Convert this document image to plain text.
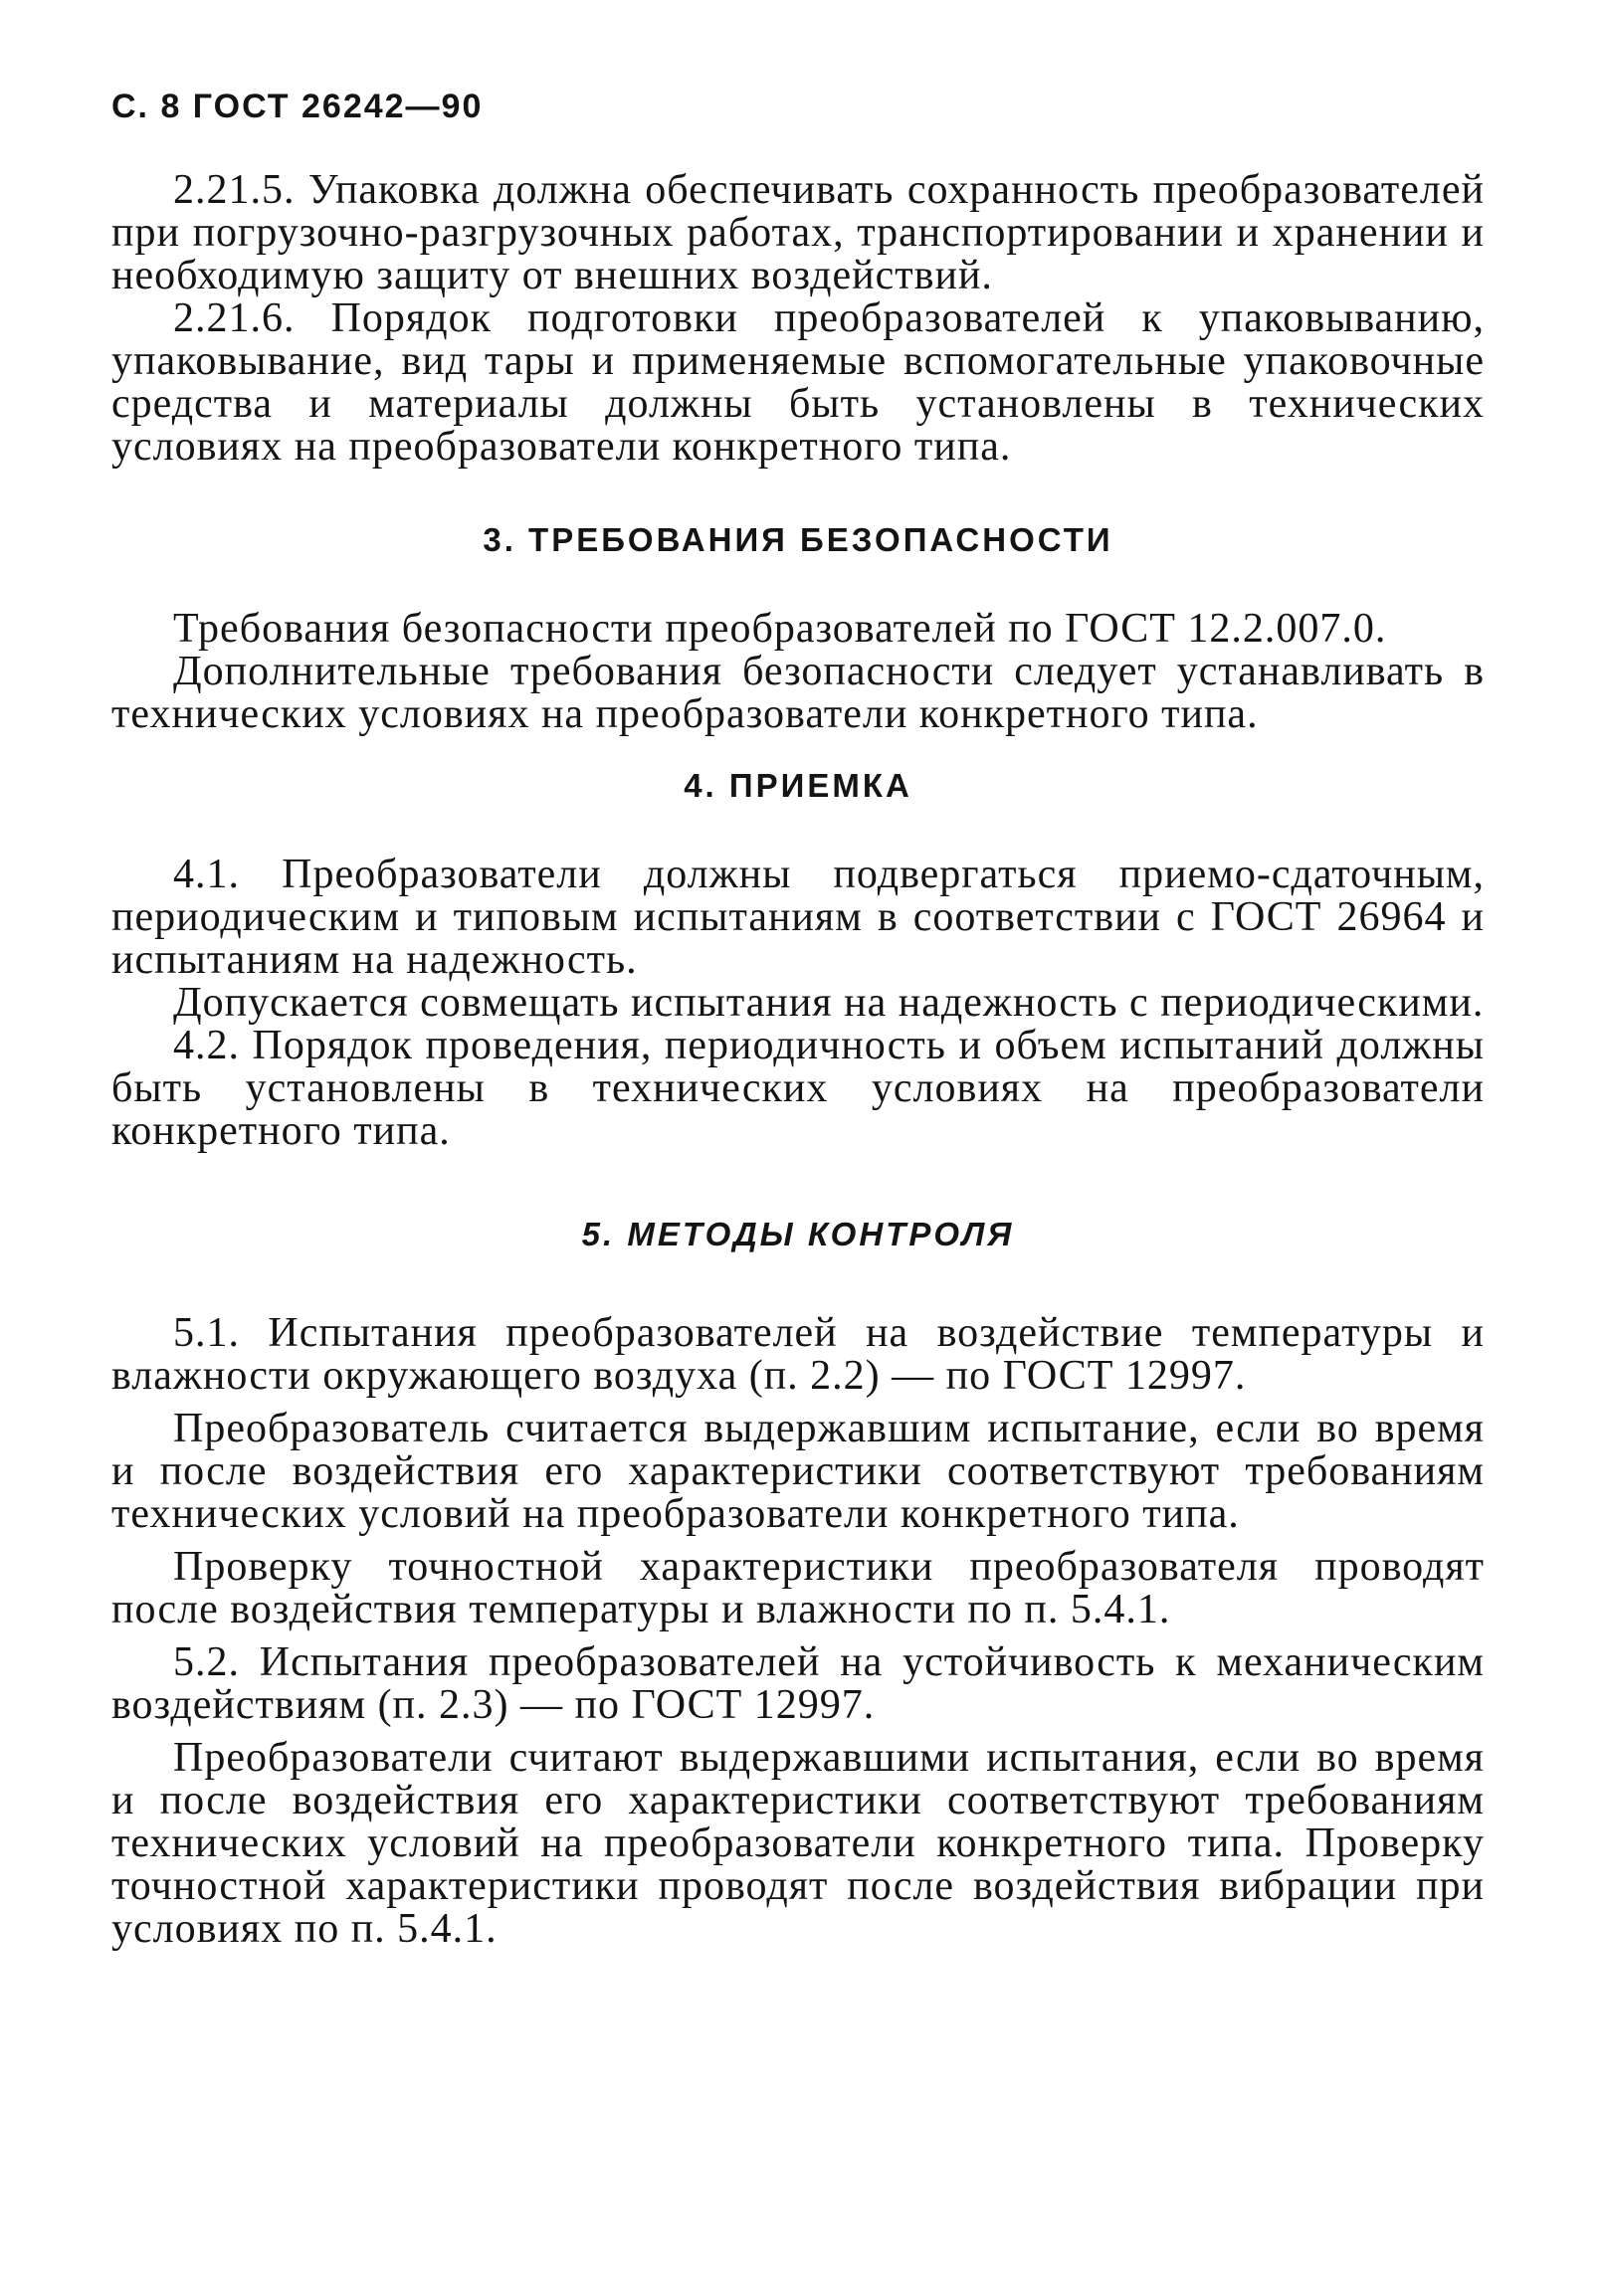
С. 8 ГОСТ 26242—90

2.21.5. Упаковка должна обеспечивать сохранность преобразователей при погрузочно-разгрузочных работах, транспортировании и хранении и необходимую защиту от внешних воздействий.

2.21.6. Порядок подготовки преобразователей к упаковыванию, упаковывание, вид тары и применяемые вспомогательные упаковочные средства и материалы должны быть установлены в технических условиях на преобразователи конкретного типа.

3. ТРЕБОВАНИЯ БЕЗОПАСНОСТИ

Требования безопасности преобразователей по ГОСТ 12.2.007.0.

Дополнительные требования безопасности следует устанавливать в технических условиях на преобразователи конкретного типа.

4. ПРИЕМКА

4.1. Преобразователи должны подвергаться приемо-сдаточным, периодическим и типовым испытаниям в соответствии с ГОСТ 26964 и испытаниям на надежность.

Допускается совмещать испытания на надежность с периодическими.

4.2. Порядок проведения, периодичность и объем испытаний должны быть установлены в технических условиях на преобразователи конкретного типа.

5. МЕТОДЫ КОНТРОЛЯ

5.1. Испытания преобразователей на воздействие температуры и влажности окружающего воздуха (п. 2.2) — по ГОСТ 12997.

Преобразователь считается выдержавшим испытание, если во время и после воздействия его характеристики соответствуют требованиям технических условий на преобразователи конкретного типа.

Проверку точностной характеристики преобразователя проводят после воздействия температуры и влажности по п. 5.4.1.

5.2. Испытания преобразователей на устойчивость к механическим воздействиям (п. 2.3) — по ГОСТ 12997.

Преобразователи считают выдержавшими испытания, если во время и после воздействия его характеристики соответствуют требованиям технических условий на преобразователи конкретного типа. Проверку точностной характеристики проводят после воздействия вибрации при условиях по п. 5.4.1.
